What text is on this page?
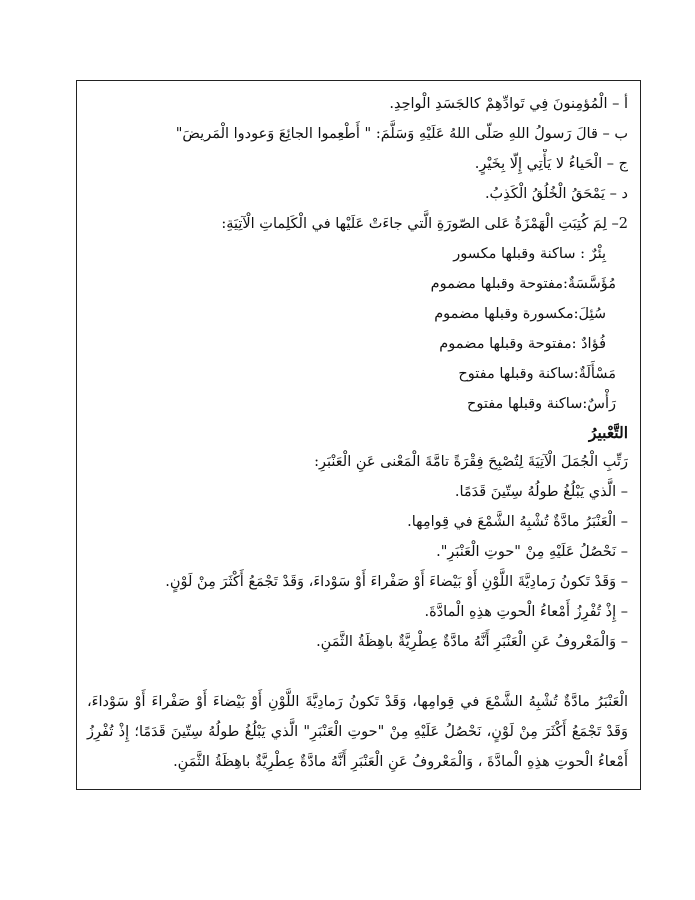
أ – الْمُؤمِنونَ فِي تَوادِّهِمْ كالجَسَدِ الْواحِدِ.

ب – قالَ رَسولُ اللهِ صَلّى اللهُ عَلَيْهِ وَسَلَّمَ: " أَطْعِموا الجائِعَ وَعودوا الْمَريضَ"

ج – الْحَياءُ لا يَأْتِي إِلّا بِخَيْرٍ.

د – يَمْحَقُ الْخُلُقُ الْكَذِبُ.

2– لِمَ كُتِبَتِ الْهَمْزَةُ عَلى الصّورَةِ الَّتي جاءَتْ عَلَيْها في الْكَلِماتِ الْآتِيَةِ:

بِئْرٌ : ساكنة وقبلها مكسور

مُؤَسَّسَةٌ:مفتوحة وقبلها مضموم

سُئِلَ:مكسورة وقبلها مضموم

فُؤادٌ :مفتوحة وقبلها مضموم

مَسْأَلَةٌ:ساكنة وقبلها مفتوح

رَأْسٌ:ساكنة وقبلها مفتوح

التَّعْبيرُ

رَتِّبِ الْجُمَلَ الْآتِيَةَ لِتُصْبِحَ فِقْرَةً تامَّةَ الْمَعْنى عَنِ الْعَنْبَرِ:

– الَّذي يَبْلُغُ طولُهُ سِتّينَ قَدَمًا.

– الْعَنْبَرُ مادَّةٌ تُشْبِهُ الشَّمْعَ في قِوامِها.

– نَحْصُلُ عَلَيْهِ مِنْ "حوتِ الْعَنْبَرِ".

– وَقَدْ تَكونُ رَمادِيَّةَ اللَّوْنِ أَوْ بَيْضاءَ أَوْ صَفْراءَ أَوْ سَوْداءَ، وَقَدْ تَجْمَعُ أَكْثَرَ مِنْ لَوْنٍ.

– إِذْ تُفْرِزُ أَمْعاءُ الْحوتِ هذِهِ الْمادَّةَ.

– وَالْمَعْروفُ عَنِ الْعَنْبَرِ أَنَّهُ مادَّةٌ عِطْرِيَّةٌ باهِظَةُ الثَّمَنِ.

الْعَنْبَرُ مادَّةٌ تُشْبِهُ الشَّمْعَ في قِوامِها، وَقَدْ تَكونُ رَمادِيَّةَ اللَّوْنِ أَوْ بَيْضاءَ أَوْ صَفْراءَ أَوْ سَوْداءَ، وَقَدْ تَجْمَعُ أَكْثَرَ مِنْ لَوْنٍ، نَحْصُلُ عَلَيْهِ مِنْ "حوتِ الْعَنْبَرِ" الَّذي يَبْلُغُ طولُهُ سِتّينَ قَدَمًا؛ إِذْ تُفْرِزُ أَمْعاءُ الْحوتِ هذِهِ الْمادَّةَ ، وَالْمَعْروفُ عَنِ الْعَنْبَرِ أَنَّهُ مادَّةٌ عِطْرِيَّةٌ باهِظَةُ الثَّمَنِ.
